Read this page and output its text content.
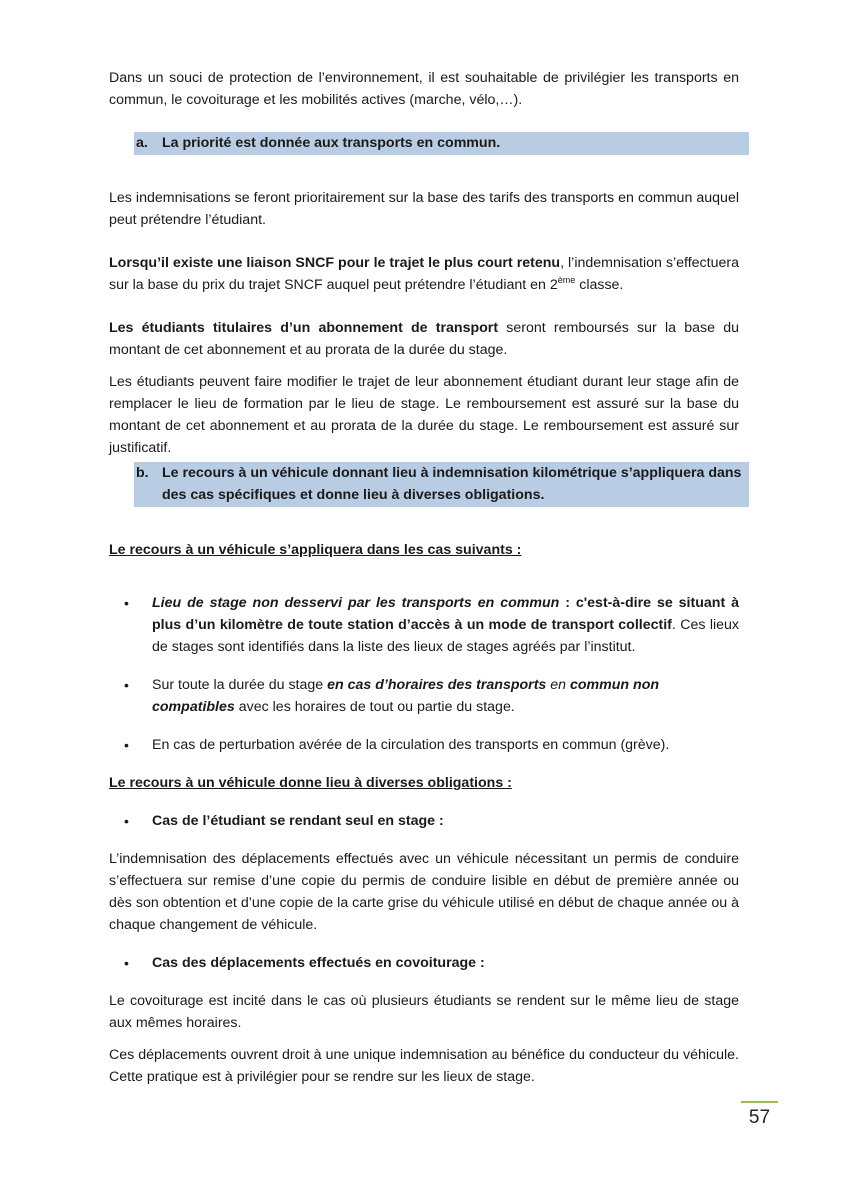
Dans un souci de protection de l’environnement, il est souhaitable de privilégier les transports en commun, le covoiturage et les mobilités actives (marche, vélo,…).

a. La priorité est donnée aux transports en commun.

Les indemnisations se feront prioritairement sur la base des tarifs des transports en commun auquel peut prétendre l’étudiant.

Lorsqu’il existe une liaison SNCF pour le trajet le plus court retenu, l’indemnisation s’effectuera sur la base du prix du trajet SNCF auquel peut prétendre l’étudiant en 2ème classe.

Les étudiants titulaires d’un abonnement de transport seront remboursés sur la base du montant de cet abonnement et au prorata de la durée du stage.

Les étudiants peuvent faire modifier le trajet de leur abonnement étudiant durant leur stage afin de remplacer le lieu de formation par le lieu de stage. Le remboursement est assuré sur la base du montant de cet abonnement et au prorata de la durée du stage. Le remboursement est assuré sur justificatif.

b. Le recours à un véhicule donnant lieu à indemnisation kilométrique s’appliquera dans des cas spécifiques et donne lieu à diverses obligations.

Le recours à un véhicule s’appliquera dans les cas suivants :

• Lieu de stage non desservi par les transports en commun : c'est-à-dire se situant à plus d’un kilomètre de toute station d’accès à un mode de transport collectif. Ces lieux de stages sont identifiés dans la liste des lieux de stages agréés par l’institut.

• Sur toute la durée du stage en cas d’horaires des transports en commun non compatibles avec les horaires de tout ou partie du stage.

• En cas de perturbation avérée de la circulation des transports en commun (grève).

Le recours à un véhicule donne lieu à diverses obligations :

• Cas de l’étudiant se rendant seul en stage :

L’indemnisation des déplacements effectués avec un véhicule nécessitant un permis de conduire s’effectuera sur remise d’une copie du permis de conduire lisible en début de première année ou dès son obtention et d’une copie de la carte grise du véhicule utilisé en début de chaque année ou à chaque changement de véhicule.

• Cas des déplacements effectués en covoiturage :

Le covoiturage est incité dans le cas où plusieurs étudiants se rendent sur le même lieu de stage aux mêmes horaires.

Ces déplacements ouvrent droit à une unique indemnisation au bénéfice du conducteur du véhicule. Cette pratique est à privilégier pour se rendre sur les lieux de stage.

57
